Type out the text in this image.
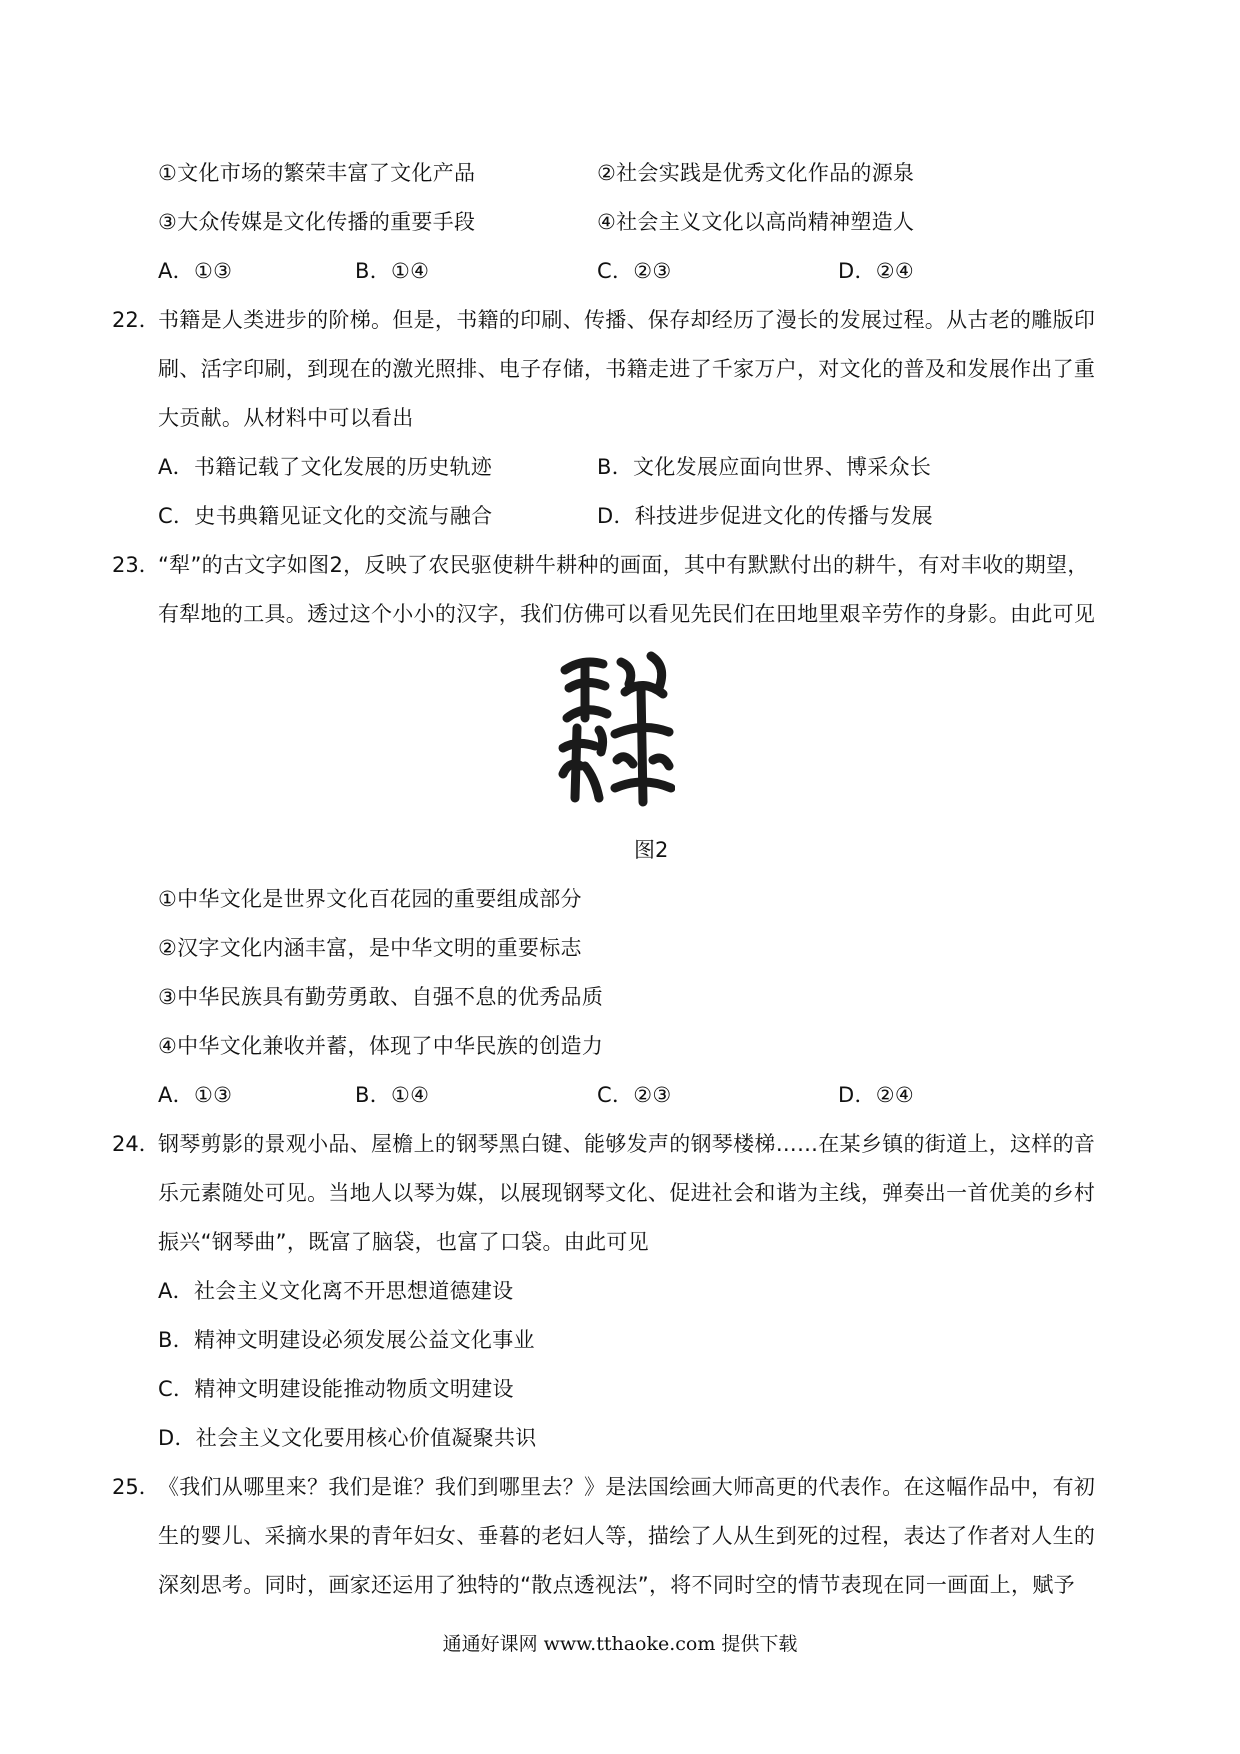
①文化市场的繁荣丰富了文化产品	②社会实践是优秀文化作品的源泉
③大众传媒是文化传播的重要手段	④社会主义文化以高尚精神塑造人
A．①③	B．①④	C．②③	D．②④
22．
书籍是人类进步的阶梯。但是，书籍的印刷、传播、保存却经历了漫长的发展过程。从古老的雕版印
刷、活字印刷，到现在的激光照排、电子存储，书籍走进了千家万户，对文化的普及和发展作出了重
大贡献。从材料中可以看出
A．书籍记载了文化发展的历史轨迹	B．文化发展应面向世界、博采众长
C．史书典籍见证文化的交流与融合	D．科技进步促进文化的传播与发展
23．
“犁”的古文字如图2，反映了农民驱使耕牛耕种的画面，其中有默默付出的耕牛，有对丰收的期望，
有犁地的工具。透过这个小小的汉字，我们仿佛可以看见先民们在田地里艰辛劳作的身影。由此可见
图2
①中华文化是世界文化百花园的重要组成部分
②汉字文化内涵丰富，是中华文明的重要标志
③中华民族具有勤劳勇敢、自强不息的优秀品质
④中华文化兼收并蓄，体现了中华民族的创造力
A．①③	B．①④	C．②③	D．②④
24．
钢琴剪影的景观小品、屋檐上的钢琴黑白键、能够发声的钢琴楼梯……在某乡镇的街道上，这样的音
乐元素随处可见。当地人以琴为媒，以展现钢琴文化、促进社会和谐为主线，弹奏出一首优美的乡村
振兴“钢琴曲”，既富了脑袋，也富了口袋。由此可见
A．社会主义文化离不开思想道德建设
B．精神文明建设必须发展公益文化事业
C．精神文明建设能推动物质文明建设
D．社会主义文化要用核心价值凝聚共识
25．
《我们从哪里来？我们是谁？我们到哪里去？》是法国绘画大师高更的代表作。在这幅作品中，有初
生的婴儿、采摘水果的青年妇女、垂暮的老妇人等，描绘了人从生到死的过程，表达了作者对人生的
深刻思考。同时，画家还运用了独特的“散点透视法”，将不同时空的情节表现在同一画面上，赋予
通通好课网 www.tthaoke.com 提供下载
